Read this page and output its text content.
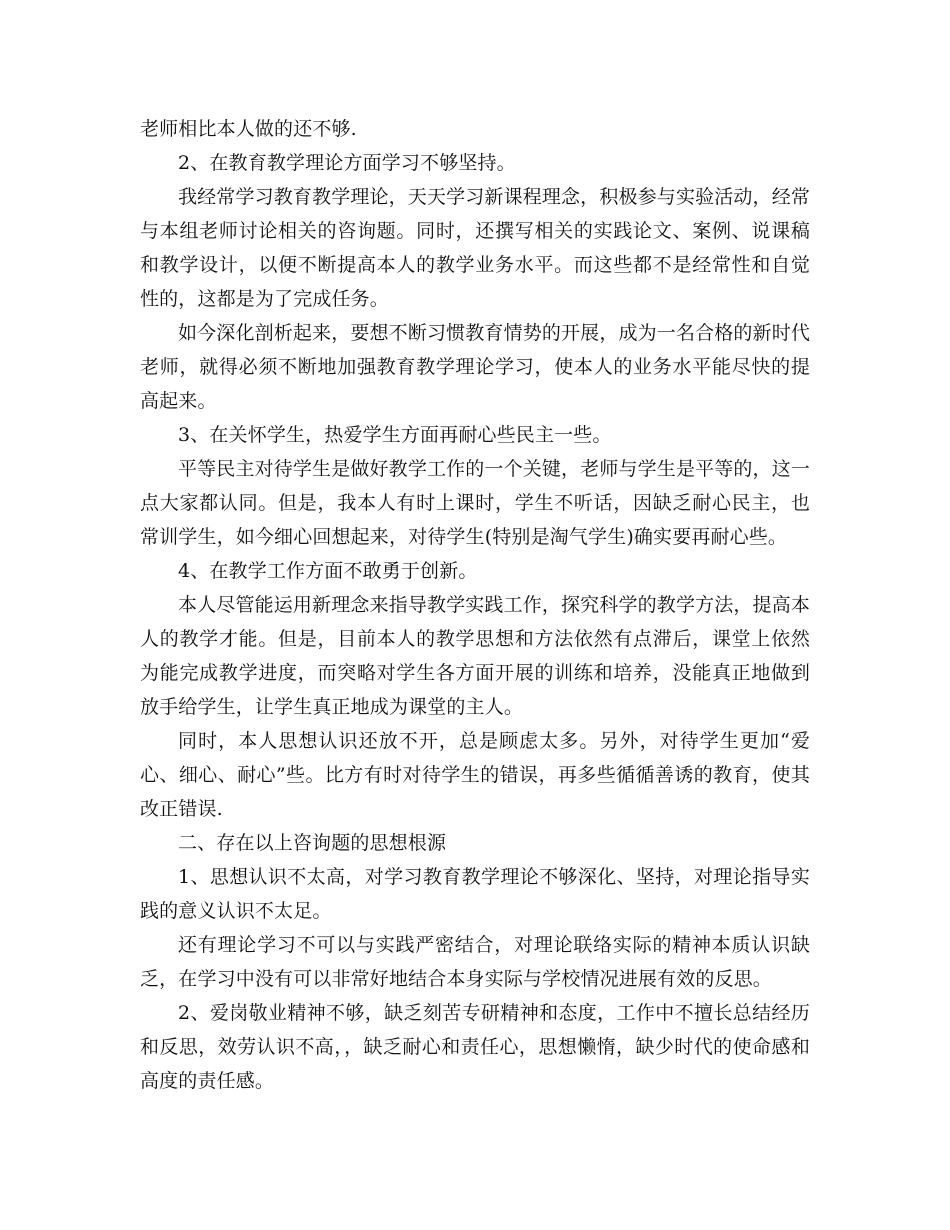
老师相比本人做的还不够.

2、在教育教学理论方面学习不够坚持。

我经常学习教育教学理论，天天学习新课程理念，积极参与实验活动，经常与本组老师讨论相关的咨询题。同时，还撰写相关的实践论文、案例、说课稿和教学设计，以便不断提高本人的教学业务水平。而这些都不是经常性和自觉性的，这都是为了完成任务。

如今深化剖析起来，要想不断习惯教育情势的开展，成为一名合格的新时代老师，就得必须不断地加强教育教学理论学习，使本人的业务水平能尽快的提高起来。

3、在关怀学生，热爱学生方面再耐心些民主一些。

平等民主对待学生是做好教学工作的一个关键，老师与学生是平等的，这一点大家都认同。但是，我本人有时上课时，学生不听话，因缺乏耐心民主，也常训学生，如今细心回想起来，对待学生(特别是淘气学生)确实要再耐心些。

4、在教学工作方面不敢勇于创新。

本人尽管能运用新理念来指导教学实践工作，探究科学的教学方法，提高本人的教学才能。但是，目前本人的教学思想和方法依然有点滞后，课堂上依然为能完成教学进度，而突略对学生各方面开展的训练和培养，没能真正地做到放手给学生，让学生真正地成为课堂的主人。

同时，本人思想认识还放不开，总是顾虑太多。另外，对待学生更加“爱心、细心、耐心”些。比方有时对待学生的错误，再多些循循善诱的教育，使其改正错误.

二、存在以上咨询题的思想根源

1、思想认识不太高，对学习教育教学理论不够深化、坚持，对理论指导实践的意义认识不太足。

还有理论学习不可以与实践严密结合，对理论联络实际的精神本质认识缺乏，在学习中没有可以非常好地结合本身实际与学校情况进展有效的反思。

2、爱岗敬业精神不够，缺乏刻苦专研精神和态度，工作中不擅长总结经历和反思，效劳认识不高，，缺乏耐心和责任心，思想懒惰，缺少时代的使命感和高度的责任感。
